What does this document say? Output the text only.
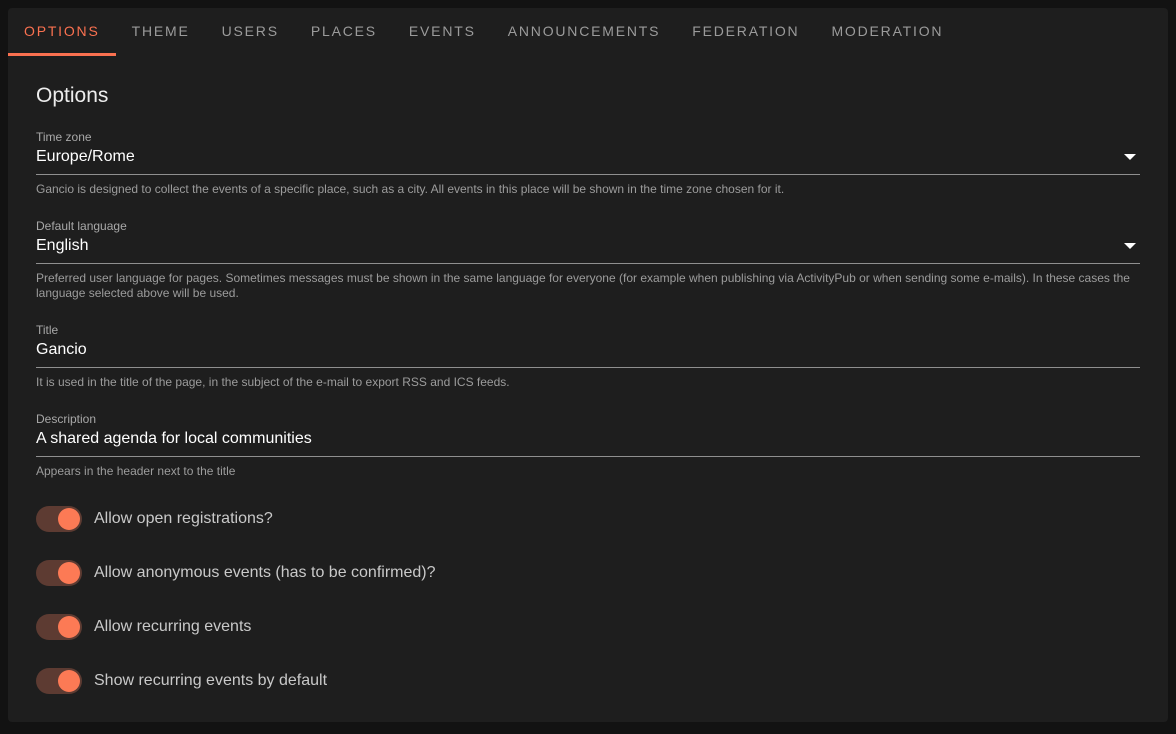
OPTIONS	THEME	USERS	PLACES	EVENTS	ANNOUNCEMENTS	FEDERATION	MODERATION
Options
Time zone
Europe/Rome
Gancio is designed to collect the events of a specific place, such as a city. All events in this place will be shown in the time zone chosen for it.
Default language
English
Preferred user language for pages. Sometimes messages must be shown in the same language for everyone (for example when publishing via ActivityPub or when sending some e-mails). In these cases the language selected above will be used.
Title
Gancio
It is used in the title of the page, in the subject of the e-mail to export RSS and ICS feeds.
Description
A shared agenda for local communities
Appears in the header next to the title
Allow open registrations?
Allow anonymous events (has to be confirmed)?
Allow recurring events
Show recurring events by default
